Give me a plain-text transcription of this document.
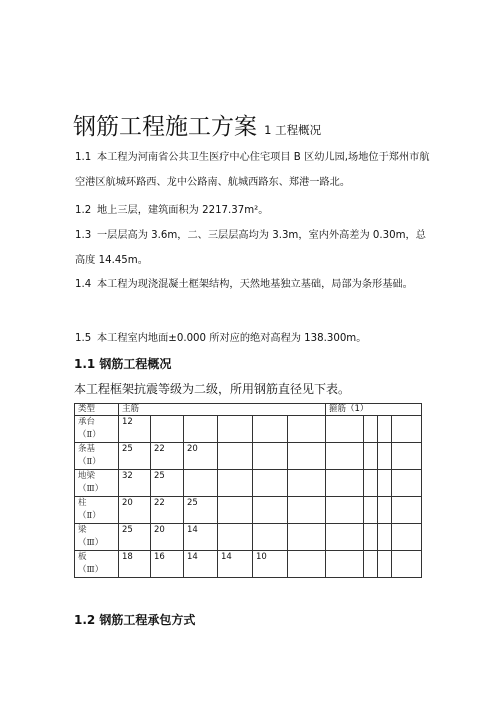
钢筋工程施工方案 1 工程概况
1.1 本工程为河南省公共卫生医疗中心住宅项目 B 区幼儿园,场地位于郑州市航空港区航城环路西、龙中公路南、航城西路东、郑港一路北。
1.2 地上三层，建筑面积为 2217.37m²。
1.3 一层层高为 3.6m，二、三层层高均为 3.3m，室内外高差为 0.30m，总高度 14.45m。
1.4 本工程为现浇混凝土框架结构，天然地基独立基础，局部为条形基础。
1.5 本工程室内地面±0.000 所对应的绝对高程为 138.300m。
1.1 钢筋工程概况
本工程框架抗震等级为二级，所用钢筋直径见下表。
类型	主筋						箍筋（1）			

承台
（Ⅱ）	12									

条基
（Ⅱ）	25	22	20							

地梁
（Ⅲ）	32	25								

柱
（Ⅱ）	20	22	25							

梁
（Ⅲ）	25	20	14							

板
（Ⅲ）	18	16	14	14	10					
1.2 钢筋工程承包方式
